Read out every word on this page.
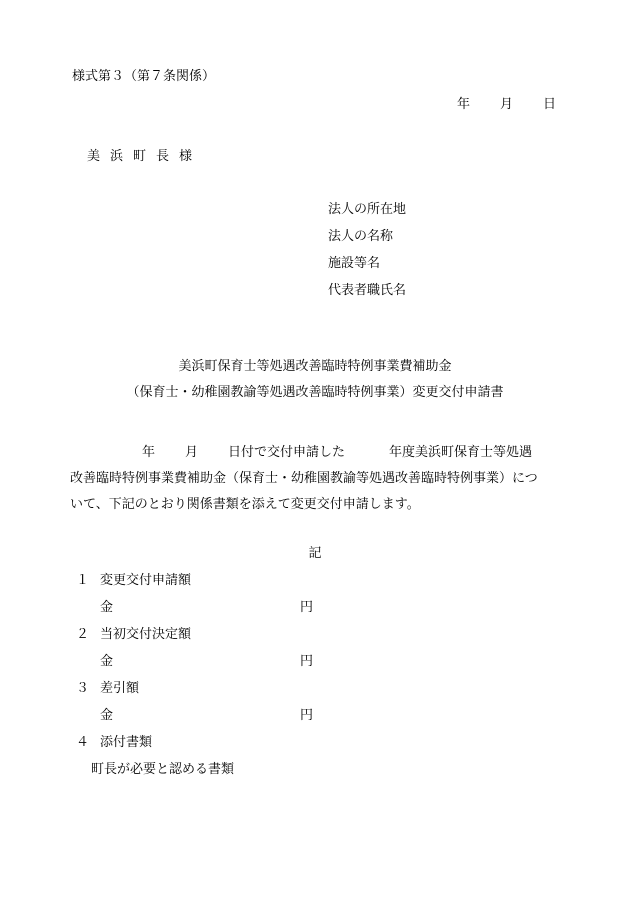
様式第３（第７条関係）
年 月 日
美浜町長様
法人の所在地
法人の名称
施設等名
代表者職氏名
美浜町保育士等処遇改善臨時特例事業費補助金
（保育士・幼稚園教諭等処遇改善臨時特例事業）変更交付申請書
年 月 日付で交付申請した	年度美浜町保育士等処遇
改善臨時特例事業費補助金（保育士・幼稚園教諭等処遇改善臨時特例事業）につ
いて、下記のとおり関係書類を添えて変更交付申請します。
記
１ 変更交付申請額
金	円
２ 当初交付決定額
金	円
３ 差引額
金	円
４ 添付書類
町長が必要と認める書類
